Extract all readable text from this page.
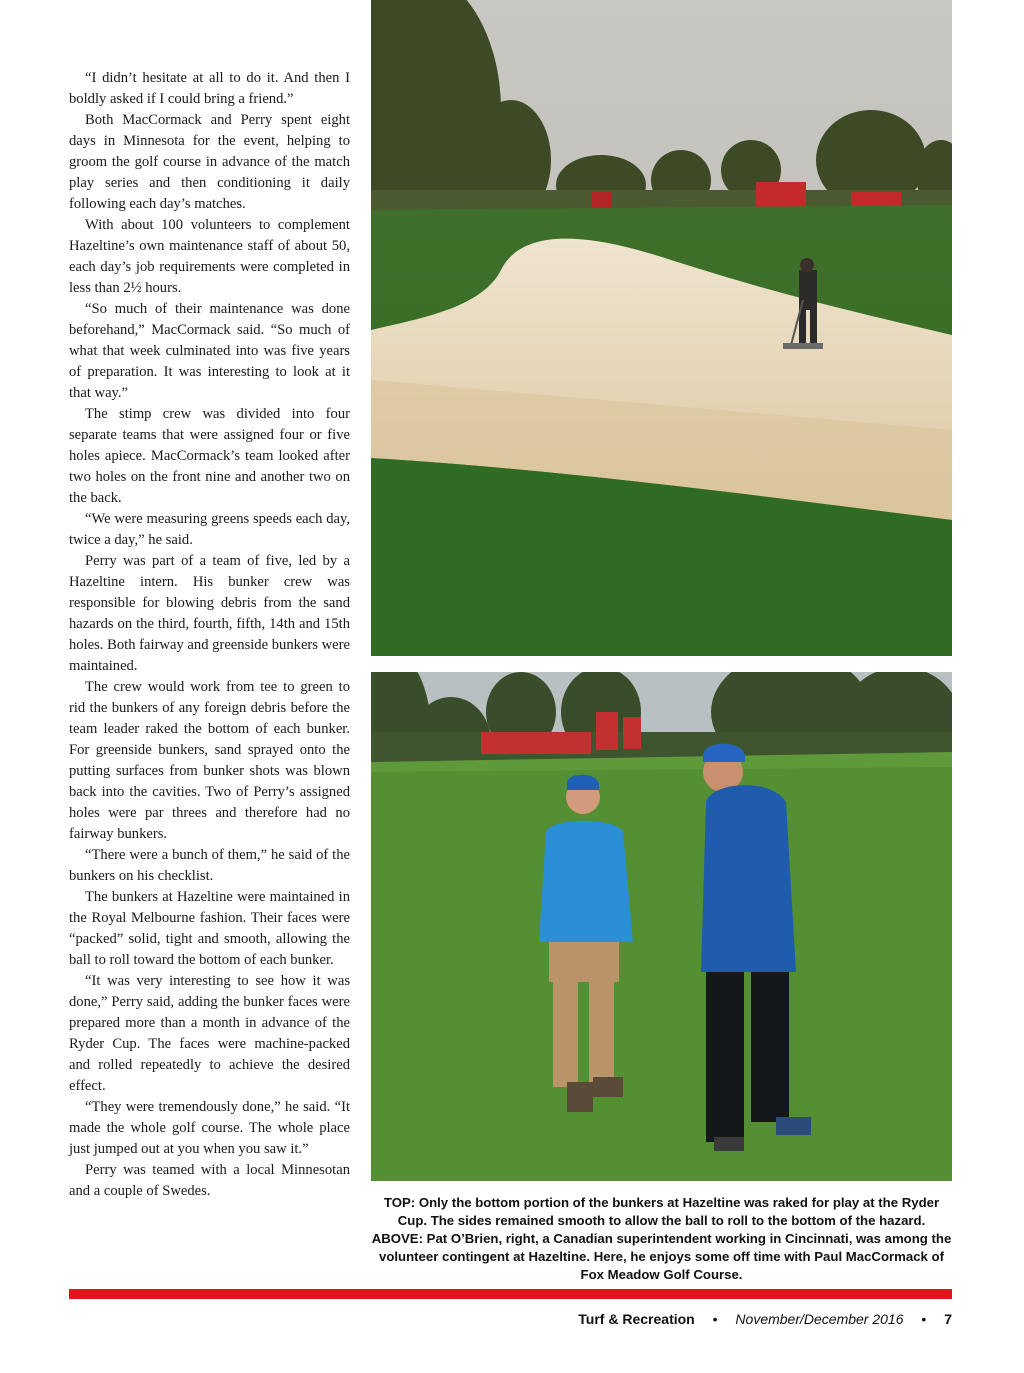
“I didn’t hesitate at all to do it. And then I boldly asked if I could bring a friend.”

Both MacCormack and Perry spent eight days in Minnesota for the event, helping to groom the golf course in advance of the match play series and then conditioning it daily following each day’s matches.

With about 100 volunteers to complement Hazeltine’s own maintenance staff of about 50, each day’s job requirements were completed in less than 2½ hours.

“So much of their maintenance was done beforehand,” MacCormack said. “So much of what that week culminated into was five years of preparation. It was interesting to look at it that way.”

The stimp crew was divided into four separate teams that were assigned four or five holes apiece. MacCormack’s team looked after two holes on the front nine and another two on the back.

“We were measuring greens speeds each day, twice a day,” he said.

Perry was part of a team of five, led by a Hazeltine intern. His bunker crew was responsible for blowing debris from the sand hazards on the third, fourth, fifth, 14th and 15th holes. Both fairway and greenside bunkers were maintained.

The crew would work from tee to green to rid the bunkers of any foreign debris before the team leader raked the bottom of each bunker. For greenside bunkers, sand sprayed onto the putting surfaces from bunker shots was blown back into the cavities. Two of Perry’s assigned holes were par threes and therefore had no fairway bunkers.

“There were a bunch of them,” he said of the bunkers on his checklist.

The bunkers at Hazeltine were maintained in the Royal Melbourne fashion. Their faces were “packed” solid, tight and smooth, allowing the ball to roll toward the bottom of each bunker.

“It was very interesting to see how it was done,” Perry said, adding the bunker faces were prepared more than a month in advance of the Ryder Cup. The faces were machine-packed and rolled repeatedly to achieve the desired effect.

“They were tremendously done,” he said. “It made the whole golf course. The whole place just jumped out at you when you saw it.”

Perry was teamed with a local Minnesotan and a couple of Swedes.

TOP: Only the bottom portion of the bunkers at Hazeltine was raked for play at the Ryder Cup. The sides remained smooth to allow the ball to roll to the bottom of the hazard.

ABOVE: Pat O’Brien, right, a Canadian superintendent working in Cincinnati, was among the volunteer contingent at Hazeltine. Here, he enjoys some off time with Paul MacCormack of Fox Meadow Golf Course.

Turf & Recreation • November/December 2016 • 7
